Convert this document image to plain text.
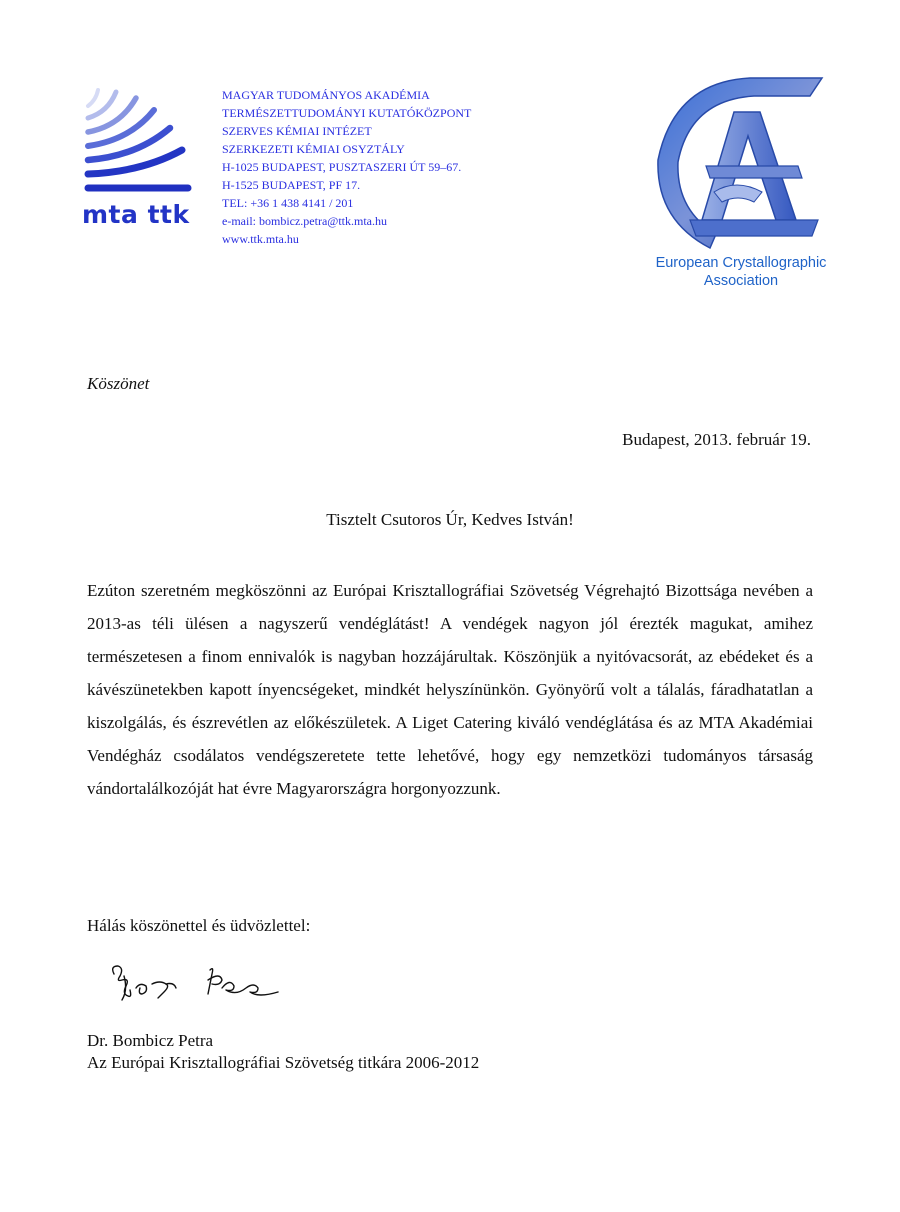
mta ttk
MAGYAR TUDOMÁNYOS AKADÉMIA
TERMÉSZETTUDOMÁNYI KUTATÓKÖZPONT
SZERVES KÉMIAI INTÉZET
SZERKEZETI KÉMIAI OSYZTÁLY
H-1025 BUDAPEST, PUSZTASZERI ÚT 59–67.
H-1525 BUDAPEST, PF 17.
TEL: +36 1 438 4141 / 201
e-mail: bombicz.petra@ttk.mta.hu
www.ttk.mta.hu
European Crystallographic
Association
Köszönet
Budapest, 2013. február 19.
Tisztelt Csutoros Úr, Kedves István!
Ezúton szeretném megköszönni az Európai Krisztallográfiai Szövetség Végrehajtó Bizottsága nevében a 2013-as téli ülésen a nagyszerű vendéglátást! A vendégek nagyon jól érezték magukat, amihez természetesen a finom ennivalók is nagyban hozzájárultak. Köszönjük a nyitóvacsorát, az ebédeket és a kávészünetekben kapott ínyencségeket, mindkét helyszínünkön. Gyönyörű volt a tálalás, fáradhatatlan a kiszolgálás, és észrevétlen az előkészületek. A Liget Catering kiváló vendéglátása és az MTA Akadémiai Vendégház csodálatos vendégszeretete tette lehetővé, hogy egy nemzetközi tudományos társaság vándortalálkozóját hat évre Magyarországra horgonyozzunk.
Hálás köszönettel és üdvözlettel:
Dr. Bombicz Petra
Az Európai Krisztallográfiai Szövetség titkára 2006-2012
